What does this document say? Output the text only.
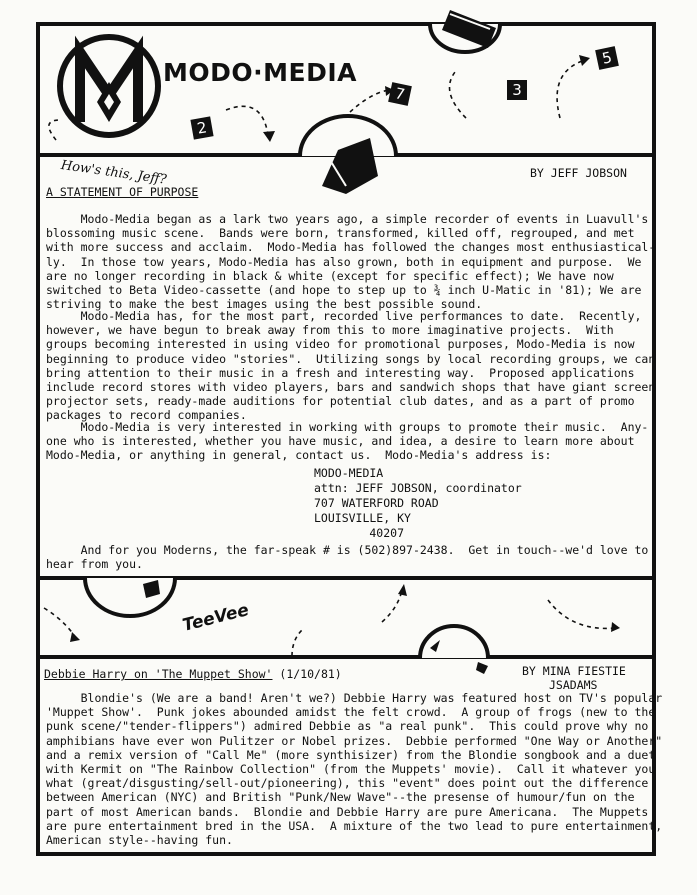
MODO·MEDIA
2
7	3
5
How's this, Jeff?	BY JEFF JOBSON
A STATEMENT OF PURPOSE
Modo-Media began as a lark two years ago, a simple recorder of events in Luavull's
blossoming music scene.  Bands were born, transformed, killed off, regrouped, and met
with more success and acclaim.  Modo-Media has followed the changes most enthusiastical-
ly.  In those tow years, Modo-Media has also grown, both in equipment and purpose.  We
are no longer recording in black & white (except for specific effect); We have now
switched to Beta Video-cassette (and hope to step up to ¾ inch U-Matic in '81); We are
striving to make the best images using the best possible sound.
Modo-Media has, for the most part, recorded live performances to date.  Recently,
however, we have begun to break away from this to more imaginative projects.  With
groups becoming interested in using video for promotional purposes, Modo-Media is now
beginning to produce video "stories".  Utilizing songs by local recording groups, we can
bring attention to their music in a fresh and interesting way.  Proposed applications
include record stores with video players, bars and sandwich shops that have giant screen
projector sets, ready-made auditions for potential club dates, and as a part of promo
packages to record companies.
Modo-Media is very interested in working with groups to promote their music.  Any-
one who is interested, whether you have music, and idea, a desire to learn more about
Modo-Media, or anything in general, contact us.  Modo-Media's address is:
MODO-MEDIA
attn: JEFF JOBSON, coordinator
707 WATERFORD ROAD
LOUISVILLE, KY
40207
And for you Moderns, the far-speak # is (502)897-2438.  Get in touch--we'd love to
hear from you.
TeeVee
Debbie Harry on 'The Muppet Show' (1/10/81)	BY MINA FIESTIE
JSADAMS
Blondie's (We are a band! Aren't we?) Debbie Harry was featured host on TV's popular
'Muppet Show'.  Punk jokes abounded amidst the felt crowd.  A group of frogs (new to the
punk scene/"tender-flippers") admired Debbie as "a real punk".  This could prove why no
amphibians have ever won Pulitzer or Nobel prizes.  Debbie performed "One Way or Another"
and a remix version of "Call Me" (more synthisizer) from the Blondie songbook and a duet
with Kermit on "The Rainbow Collection" (from the Muppets' movie).  Call it whatever you
what (great/disgusting/sell-out/pioneering), this "event" does point out the difference
between American (NYC) and British "Punk/New Wave"--the presense of humour/fun on the
part of most American bands.  Blondie and Debbie Harry are pure Americana.  The Muppets
are pure entertainment bred in the USA.  A mixture of the two lead to pure entertainment,
American style--having fun.
